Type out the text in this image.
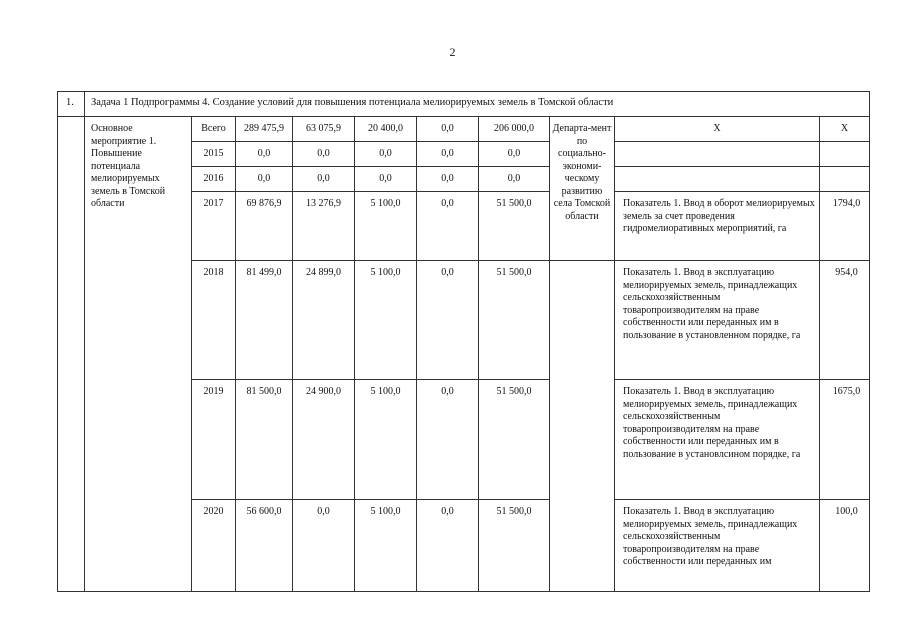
2
1.	Задача 1 Подпрограммы 4. Создание условий для повышения потенциала мелиорируемых земель в Томской области									
	Основное мероприятие 1. Повышение потенциала мелиорируемых земель в Томской области	Всего	289 475,9	63 075,9	20 400,0	0,0	206 000,0	Департа-мент по социально-экономи-ческому развитию села Томской области	X	X
		2015	0,0	0,0	0,0	0,0	0,0			
		2016	0,0	0,0	0,0	0,0	0,0			
		2017	69 876,9	13 276,9	5 100,0	0,0	51 500,0		Показатель 1. Ввод в оборот мелиорируемых земель за счет проведения гидромелиоративных мероприятий, га	1794,0
		2018	81 499,0	24 899,0	5 100,0	0,0	51 500,0		Показатель 1. Ввод в эксплуатацию мелиорируемых земель, принадлежащих сельскохозяйственным товаропроизводителям на праве собственности или переданных им в пользование в установленном порядке, га	954,0
		2019	81 500,0	24 900,0	5 100,0	0,0	51 500,0		Показатель 1. Ввод в эксплуатацию мелиорируемых земель, принадлежащих сельскохозяйственным товаропроизводителям на праве собственности или переданных им в пользование в установлсином порядке, га	1675,0
		2020	56 600,0	0,0	5 100,0	0,0	51 500,0		Показатель 1. Ввод в эксплуатацию мелиорируемых земель, принадлежащих сельскохозяйственным товаропроизводителям на праве собственности или переданных им	100,0
